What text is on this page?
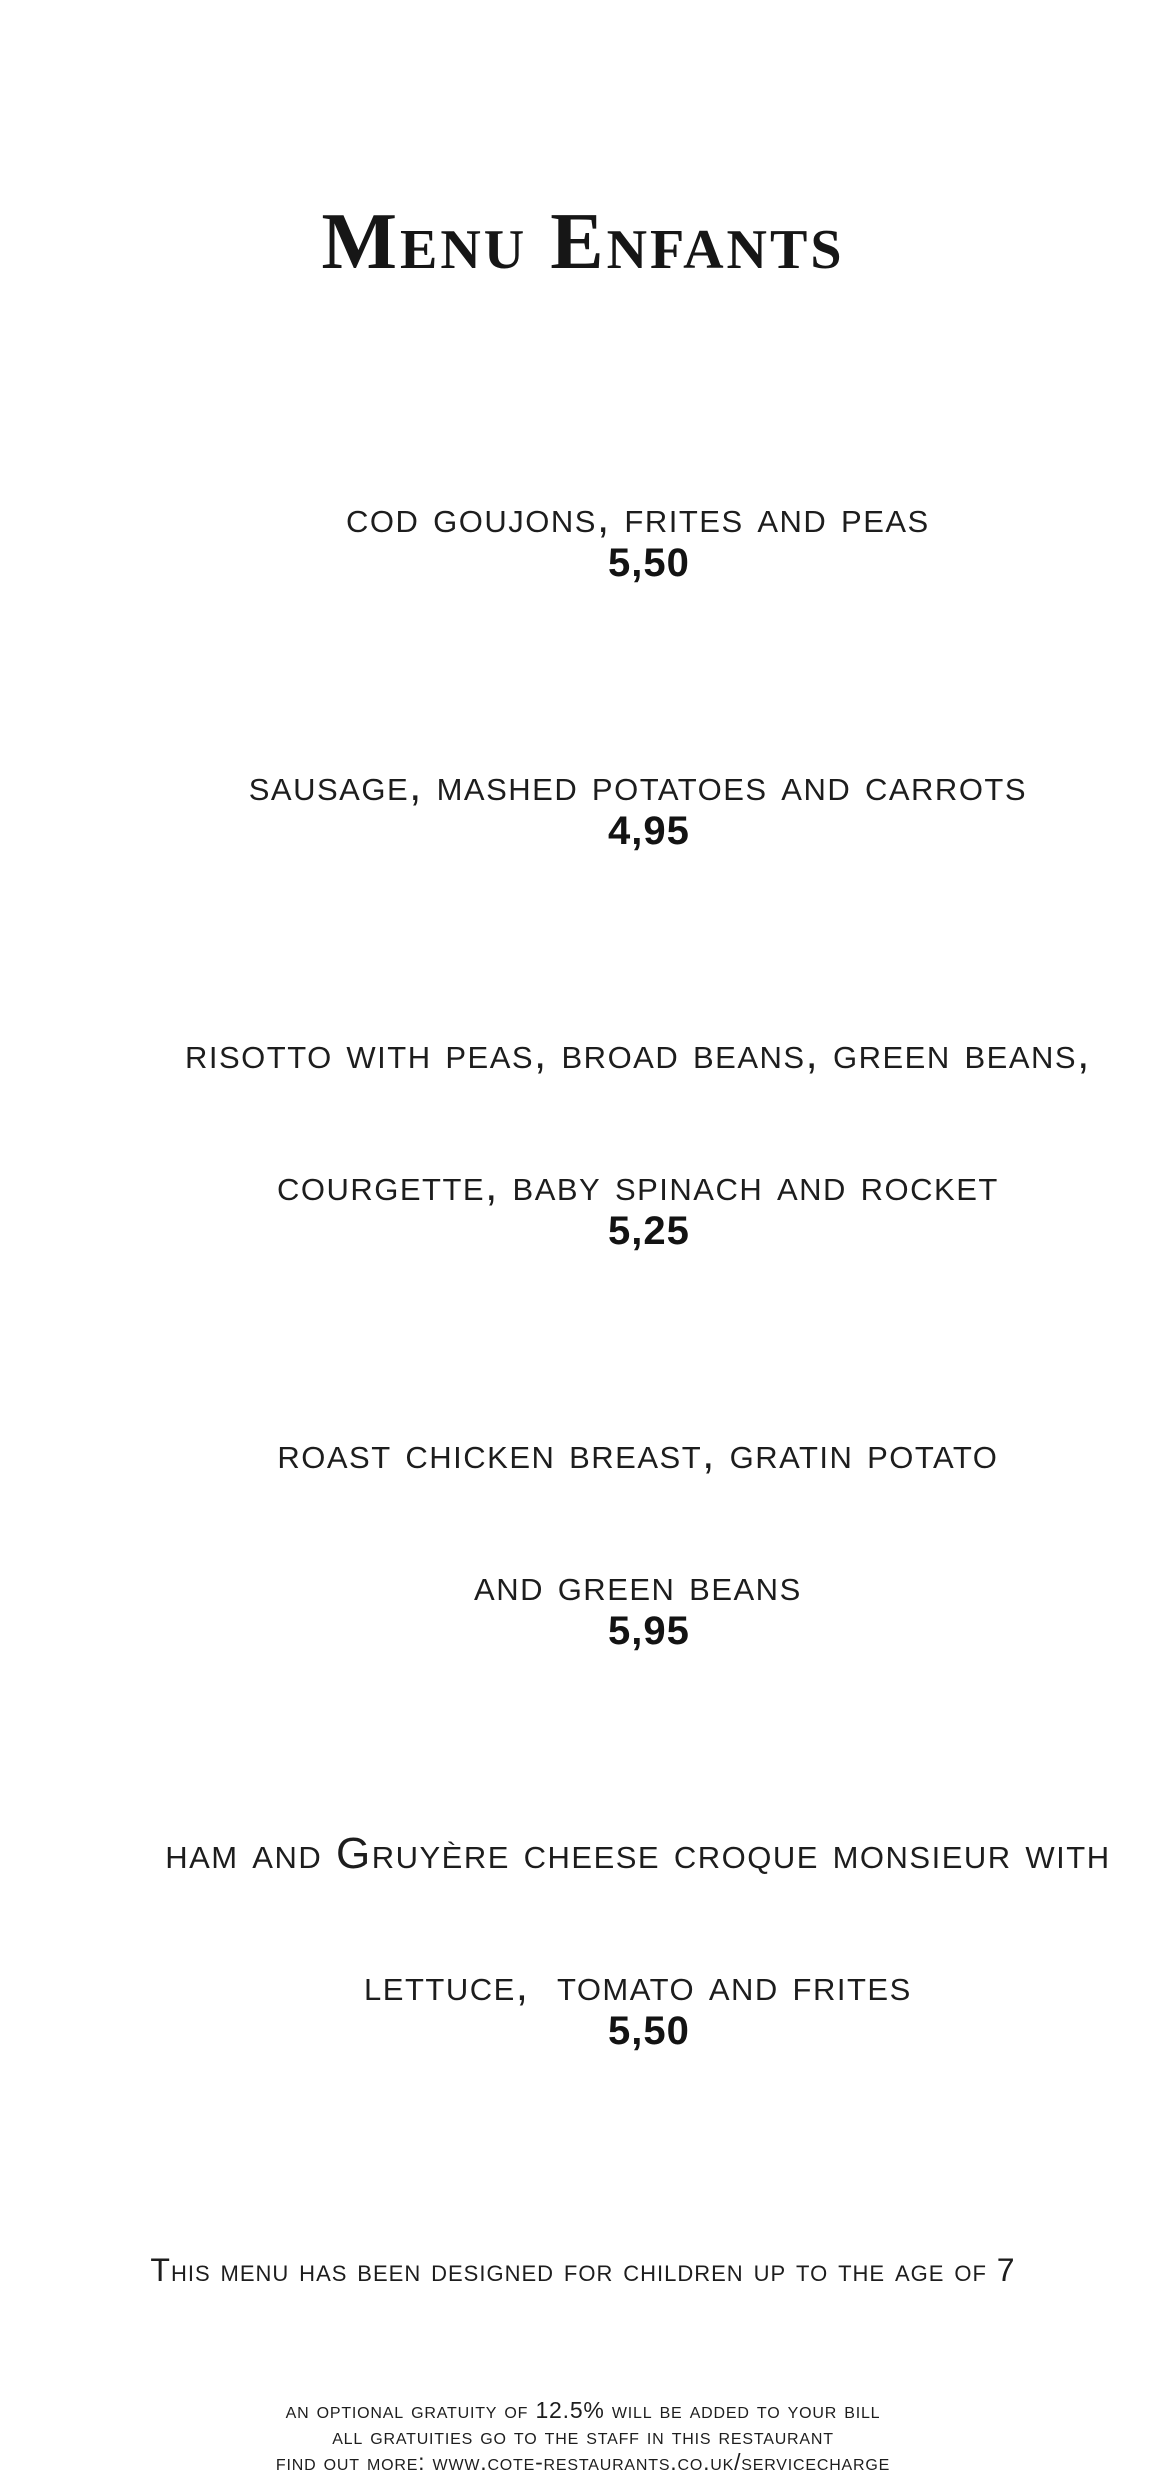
Menu Enfants

cod goujons, frites and peas
5,50

sausage, mashed potatoes and carrots
4,95

risotto with peas, broad beans, green beans,

courgette, baby spinach and rocket
5,25

roast chicken breast, gratin potato

and green beans
5,95

ham and Gruyère cheese croque monsieur with

lettuce,  tomato and frites
5,50

This menu has been designed for children up to the age of 7

an optional gratuity of 12.5% will be added to your bill

all gratuities go to the staff in this restaurant

find out more: www.cote-restaurants.co.uk/servicecharge
